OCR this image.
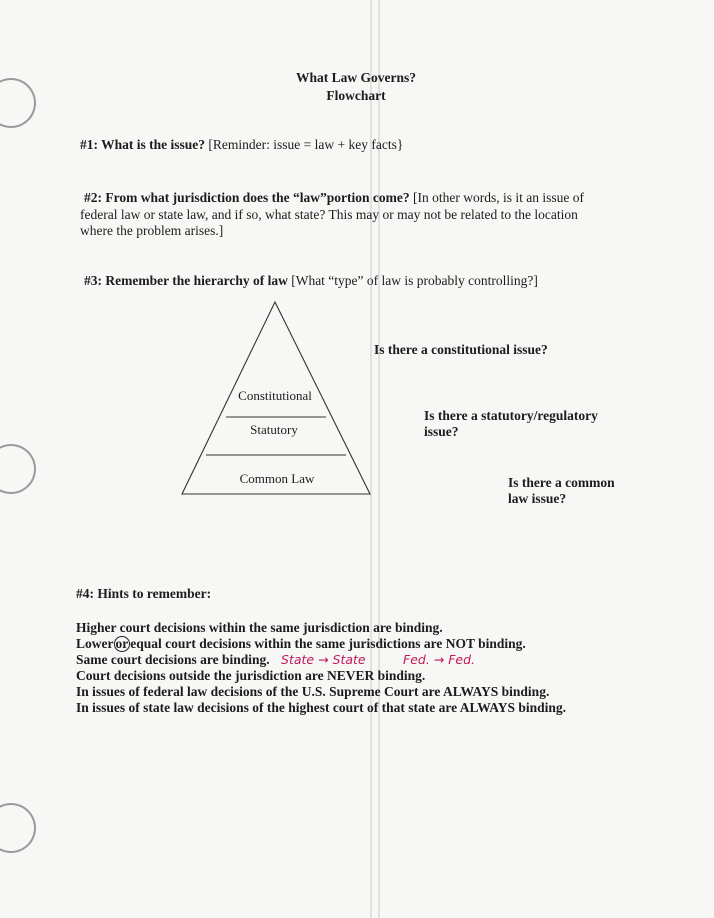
What Law Governs?
Flowchart
#1: What is the issue? [Reminder: issue = law + key facts}
#2: From what jurisdiction does the “law”portion come? [In other words, is it an issue of
federal law or state law, and if so, what state? This may or may not be related to the location
where the problem arises.]
#3: Remember the hierarchy of law [What “type” of law is probably controlling?]
Constitutional
Statutory
Common Law
Is there a constitutional issue?
Is there a statutory/regulatory
issue?
Is there a common
law issue?
#4: Hints to remember:
Higher court decisions within the same jurisdiction are binding.
Lower or equal court decisions within the same jurisdictions are NOT binding.
Same court decisions are binding. State → State	Fed. → Fed.
Court decisions outside the jurisdiction are NEVER binding.
In issues of federal law decisions of the U.S. Supreme Court are ALWAYS binding.
In issues of state law decisions of the highest court of that state are ALWAYS binding.
